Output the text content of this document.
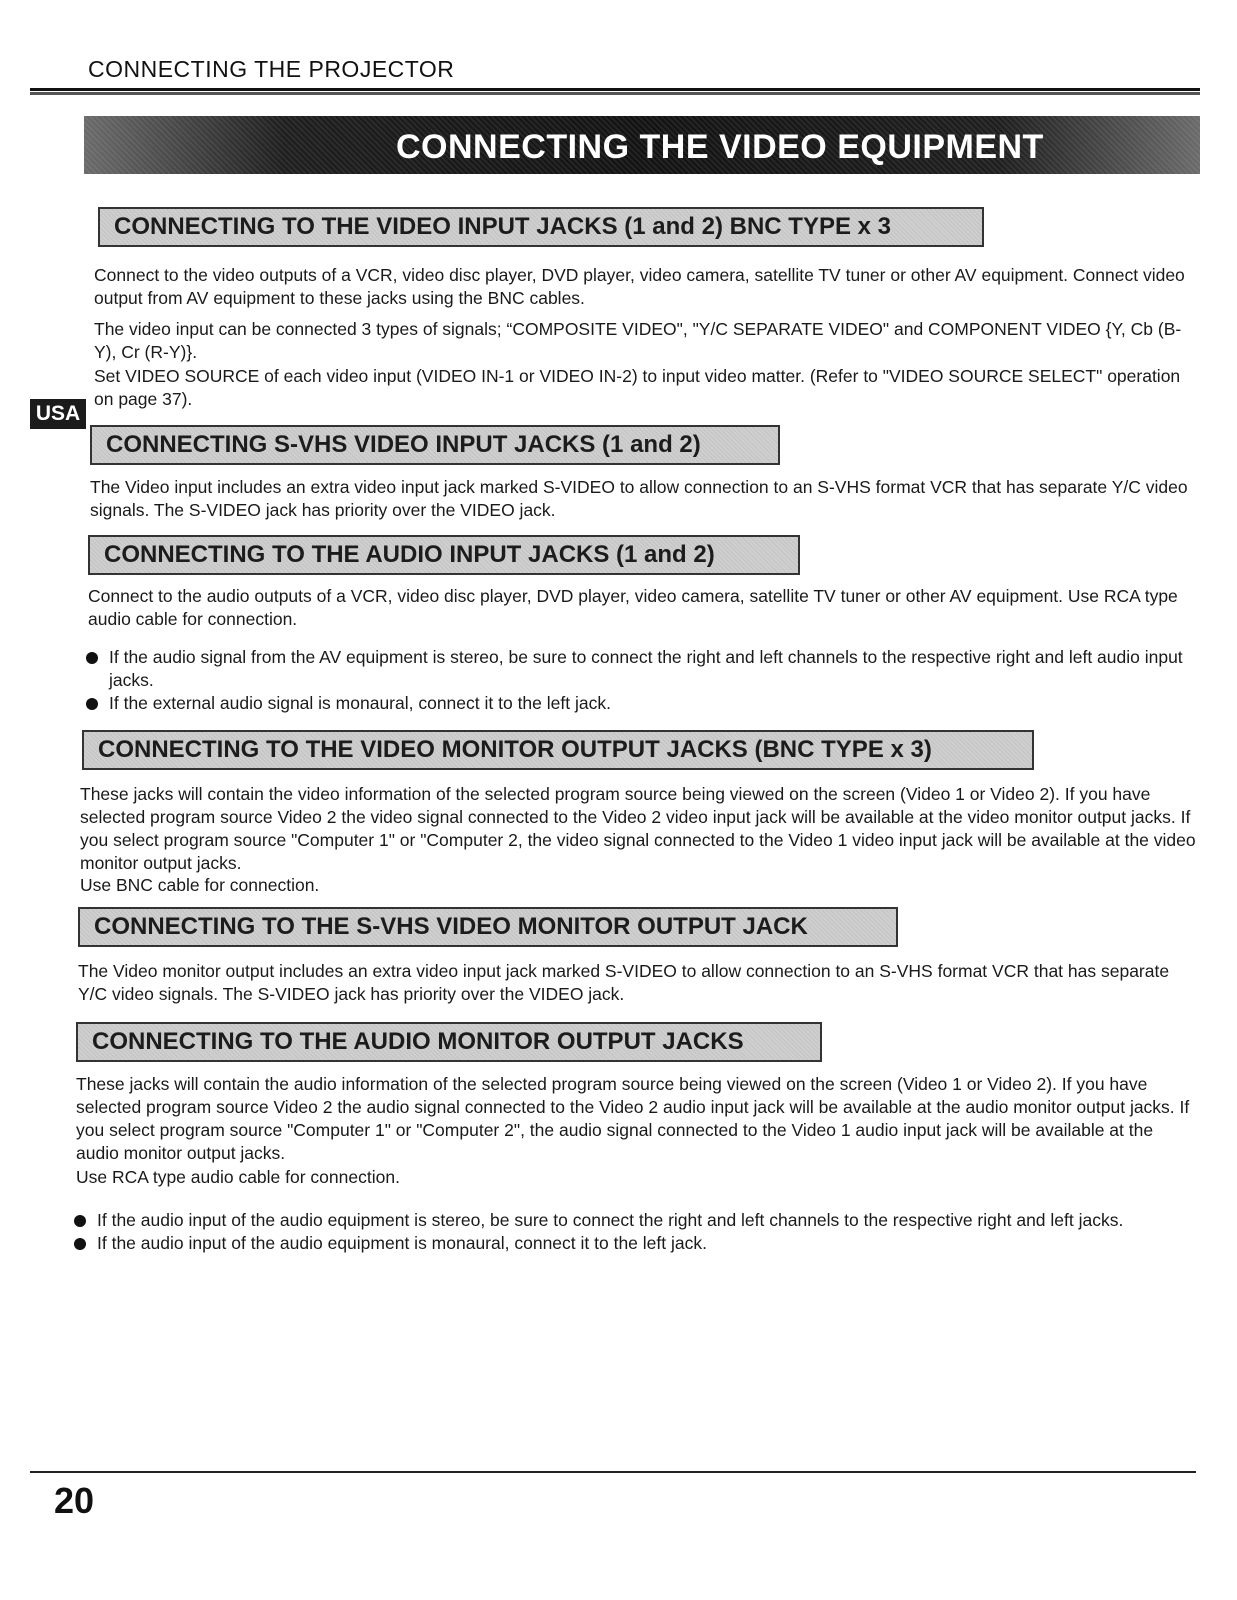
CONNECTING THE PROJECTOR
CONNECTING THE VIDEO EQUIPMENT
USA
CONNECTING TO THE VIDEO INPUT JACKS (1 and 2) BNC TYPE x 3

Connect to the video outputs of a VCR, video disc player, DVD player, video camera, satellite TV tuner or other AV equipment. Connect video output from AV equipment to these jacks using the BNC cables.

The video input can be connected 3 types of signals; “COMPOSITE VIDEO", "Y/C SEPARATE VIDEO" and COMPONENT VIDEO {Y, Cb (B-Y), Cr (R-Y)}.

Set VIDEO SOURCE of each video input (VIDEO IN-1 or VIDEO IN-2) to input video matter. (Refer to "VIDEO SOURCE SELECT" operation on page 37).

CONNECTING S-VHS VIDEO INPUT JACKS (1 and 2)

The Video input includes an extra video input jack marked S-VIDEO to allow connection to an S-VHS format VCR that has separate Y/C video signals. The S-VIDEO jack has priority over the VIDEO jack.

CONNECTING TO THE AUDIO INPUT JACKS (1 and 2)

Connect to the audio outputs of a VCR, video disc player, DVD player, video camera, satellite TV tuner or other AV equipment. Use RCA type audio cable for connection.

If the audio signal from the AV equipment is stereo, be sure to connect the right and left channels to the respective right and left audio input jacks.
If the external audio signal is monaural, connect it to the left jack.
CONNECTING TO THE VIDEO MONITOR OUTPUT JACKS (BNC TYPE x 3)

These jacks will contain the video information of the selected program source being viewed on the screen (Video 1 or Video 2). If you have selected program source Video 2 the video signal connected to the Video 2 video input jack will be available at the video monitor output jacks. If you select program source "Computer 1" or "Computer 2, the video signal connected to the Video 1 video input jack will be available at the video monitor output jacks.

Use BNC cable for connection.

CONNECTING TO THE S-VHS VIDEO MONITOR OUTPUT JACK

The Video monitor output includes an extra video input jack marked S-VIDEO to allow connection to an S-VHS format VCR that has separate Y/C video signals. The S-VIDEO jack has priority over the VIDEO jack.

CONNECTING TO THE AUDIO MONITOR OUTPUT JACKS

These jacks will contain the audio information of the selected program source being viewed on the screen (Video 1 or Video 2). If you have selected program source Video 2 the audio signal connected to the Video 2 audio input jack will be available at the audio monitor output jacks. If you select program source "Computer 1" or "Computer 2", the audio signal connected to the Video 1 audio input jack will be available at the audio monitor output jacks.

Use RCA type audio cable for connection.

If the audio input of the audio equipment is stereo, be sure to connect the right and left channels to the respective right and left jacks.
If the audio input of the audio equipment is monaural, connect it to the left jack.
20
